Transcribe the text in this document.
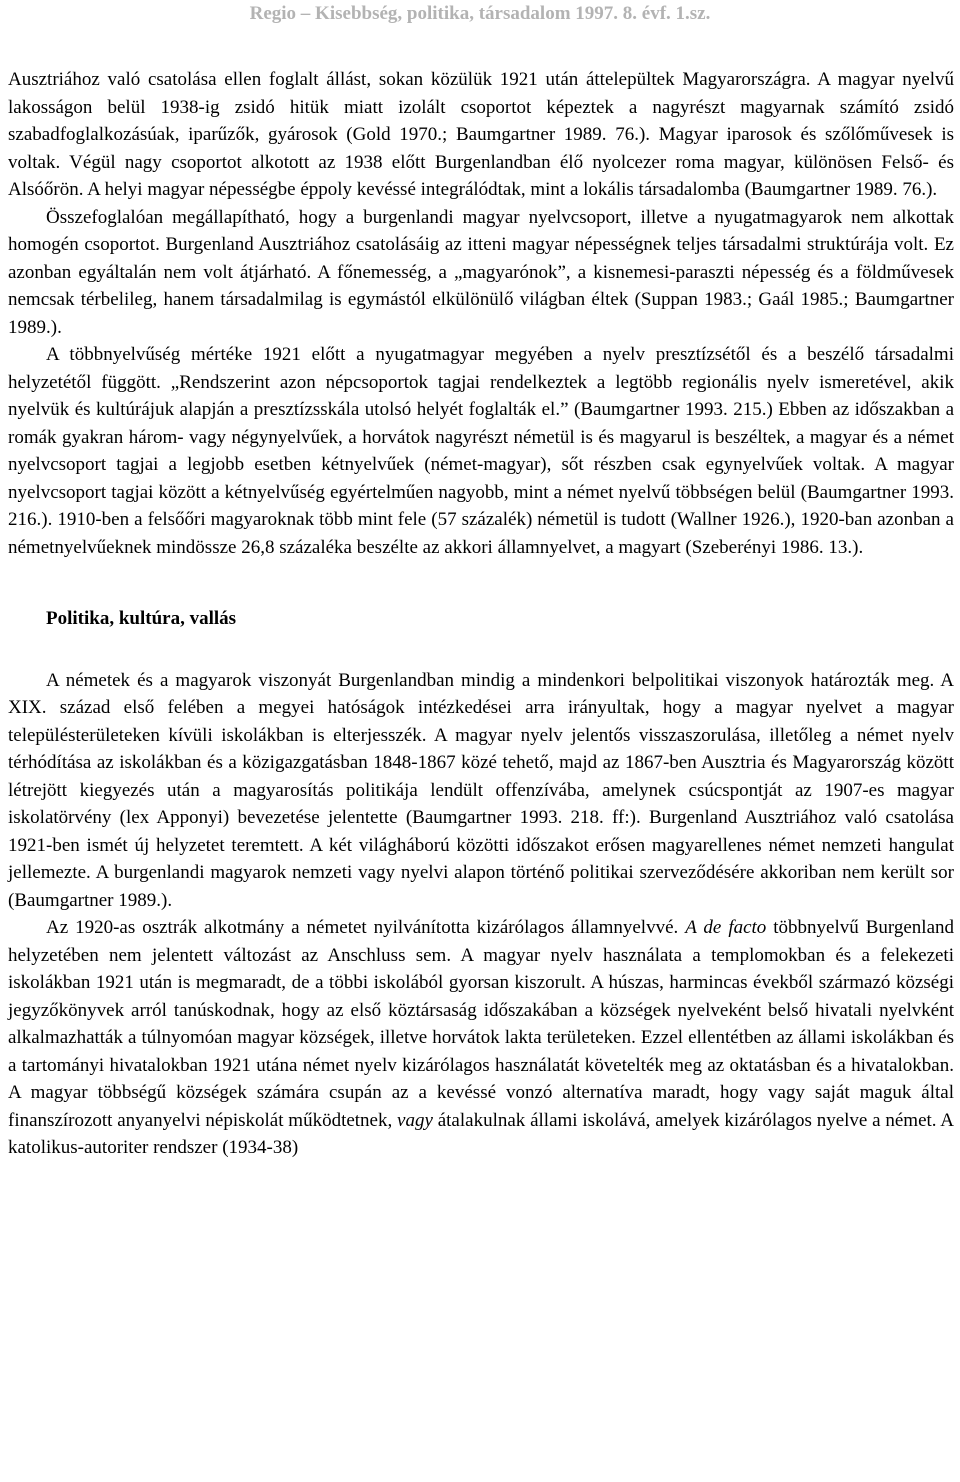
Regio – Kisebbség, politika, társadalom 1997. 8. évf. 1.sz.

Ausztriához való csatolása ellen foglalt állást, sokan közülük 1921 után áttelepültek Magyarországra. A magyar nyelvű lakosságon belül 1938-ig zsidó hitük miatt izolált csoportot képeztek a nagyrészt magyarnak számító zsidó szabadfoglalkozásúak, iparűzők, gyárosok (Gold 1970.; Baumgartner 1989. 76.). Magyar iparosok és szőlőművesek is voltak. Végül nagy csoportot alkotott az 1938 előtt Burgenlandban élő nyolcezer roma magyar, különösen Felső- és Alsóőrön. A helyi magyar népességbe éppoly kevéssé integrálódtak, mint a lokális társadalomba (Baumgartner 1989. 76.).

Összefoglalóan megállapítható, hogy a burgenlandi magyar nyelvcsoport, illetve a nyugatmagyarok nem alkottak homogén csoportot. Burgenland Ausztriához csatolásáig az itteni magyar népességnek teljes társadalmi struktúrája volt. Ez azonban egyáltalán nem volt átjárható. A főnemesség, a „magyarónok”, a kisnemesi-paraszti népesség és a földművesek nemcsak térbelileg, hanem társadalmilag is egymástól elkülönülő világban éltek (Suppan 1983.; Gaál 1985.; Baumgartner 1989.).

A többnyelvűség mértéke 1921 előtt a nyugatmagyar megyében a nyelv presztízsétől és a beszélő társadalmi helyzetétől függött. „Rendszerint azon népcsoportok tagjai rendelkeztek a legtöbb regionális nyelv ismeretével, akik nyelvük és kultúrájuk alapján a presztízsskála utolsó helyét foglalták el.” (Baumgartner 1993. 215.) Ebben az időszakban a romák gyakran három- vagy négynyelvűek, a horvátok nagyrészt németül is és magyarul is beszéltek, a magyar és a német nyelvcsoport tagjai a legjobb esetben kétnyelvűek (német-magyar), sőt részben csak egynyelvűek voltak. A magyar nyelvcsoport tagjai között a kétnyelvűség egyértelműen nagyobb, mint a német nyelvű többségen belül (Baumgartner 1993. 216.). 1910-ben a felsőőri magyaroknak több mint fele (57 százalék) németül is tudott (Wallner 1926.), 1920-ban azonban a németnyelvűeknek mindössze 26,8 százaléka beszélte az akkori államnyelvet, a magyart (Szeberényi 1986. 13.).

Politika, kultúra, vallás

A németek és a magyarok viszonyát Burgenlandban mindig a mindenkori belpolitikai viszonyok határozták meg. A XIX. század első felében a megyei hatóságok intézkedései arra irányultak, hogy a magyar nyelvet a magyar településterületeken kívüli iskolákban is elterjesszék. A magyar nyelv jelentős visszaszorulása, illetőleg a német nyelv térhódítása az iskolákban és a közigazgatásban 1848-1867 közé tehető, majd az 1867-ben Ausztria és Magyarország között létrejött kiegyezés után a magyarosítás politikája lendült offenzívába, amelynek csúcspontját az 1907-es magyar iskolatörvény (lex Apponyi) bevezetése jelentette (Baumgartner 1993. 218. ff:). Burgenland Ausztriához való csatolása 1921-ben ismét új helyzetet teremtett. A két világháború közötti időszakot erősen magyarellenes német nemzeti hangulat jellemezte. A burgenlandi magyarok nemzeti vagy nyelvi alapon történő politikai szerveződésére akkoriban nem került sor (Baumgartner 1989.).

Az 1920-as osztrák alkotmány a németet nyilvánította kizárólagos államnyelvvé. A de facto többnyelvű Burgenland helyzetében nem jelentett változást az Anschluss sem. A magyar nyelv használata a templomokban és a felekezeti iskolákban 1921 után is megmaradt, de a többi iskolából gyorsan kiszorult. A húszas, harmincas évekből származó községi jegyzőkönyvek arról tanúskodnak, hogy az első köztársaság időszakában a községek nyelveként belső hivatali nyelvként alkalmazhatták a túlnyomóan magyar községek, illetve horvátok lakta területeken. Ezzel ellentétben az állami iskolákban és a tartományi hivatalokban 1921 utána német nyelv kizárólagos használatát követelték meg az oktatásban és a hivatalokban. A magyar többségű községek számára csupán az a kevéssé vonzó alternatíva maradt, hogy vagy saját maguk által finanszírozott anyanyelvi népiskolát működtetnek, vagy átalakulnak állami iskolává, amelyek kizárólagos nyelve a német. A katolikus-autoriter rendszer (1934-38)
